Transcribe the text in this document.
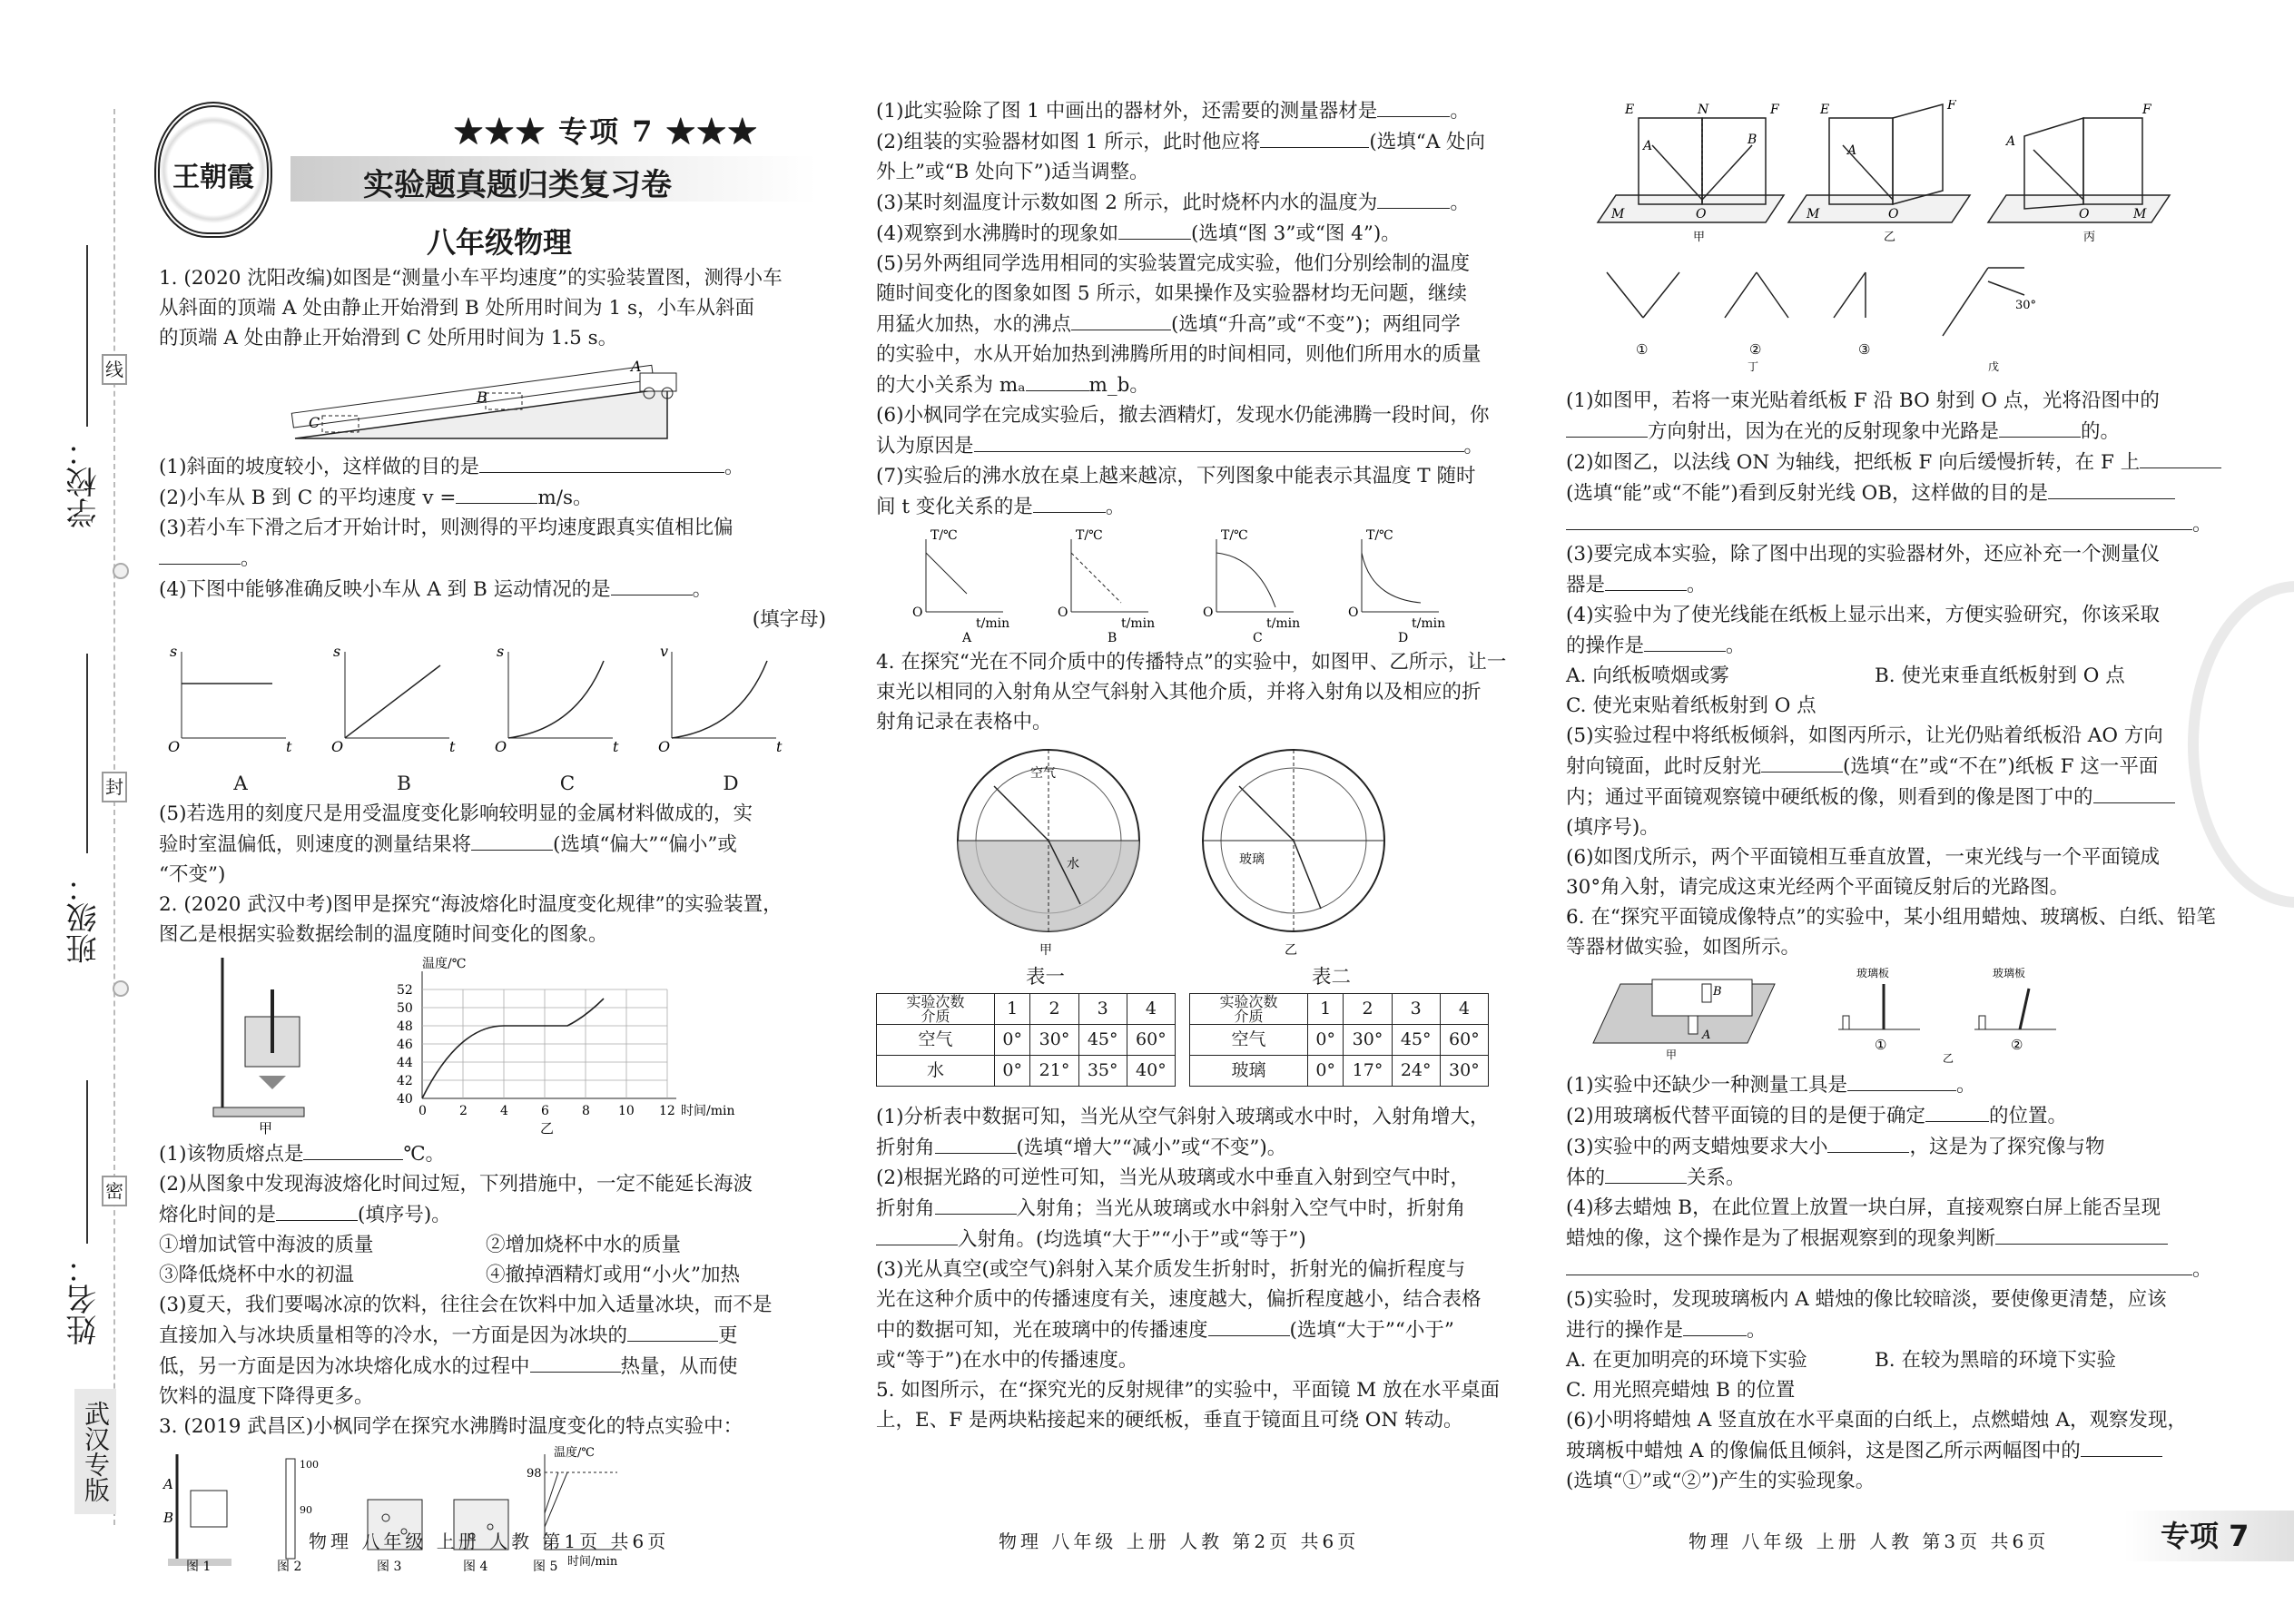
学校：
线
封
班级：
密
姓名：
武汉专版
王朝霞
★★★ 专项 7 ★★★
实验题真题归类复习卷
八年级物理

1. (2020 沈阳改编)如图是“测量小车平均速度”的实验装置图，测得小车

从斜面的顶端 A 处由静止开始滑到 B 处所用时间为 1 s，小车从斜面

的顶端 A 处由静止开始滑到 C 处所用时间为 1.5 s。

B
C
A

(1)斜面的坡度较小，这样做的目的是	。

(2)小车从 B 到 C 的平均速度 v =	m/s。

(3)若小车下滑之后才开始计时，则测得的平均速度跟真实值相比偏

。

(4)下图中能够准确反映小车从 A 到 B 运动情况的是	。

(填字母)

s
t
O
s
t
O
s
t
O
v
t
O

A	B	C	D

(5)若选用的刻度尺是用受温度变化影响较明显的金属材料做成的，实

验时室温偏低，则速度的测量结果将	(选填“偏大”“偏小”或

“不变”)

2. (2020 武汉中考)图甲是探究“海波熔化时温度变化规律”的实验装置，

图乙是根据实验数据绘制的温度随时间变化的图象。

甲
40
42
44
46
48
50
52
0	2	4	6	8 10 12
温度/℃
时间/min
乙

(1)该物质熔点是	℃。

(2)从图象中发现海波熔化时间过短，下列措施中，一定不能延长海波

熔化时间的是	(填序号)。

①增加试管中海波的质量	②增加烧杯中水的质量

③降低烧杯中水的初温	④撤掉酒精灯或用“小火”加热

(3)夏天，我们要喝冰凉的饮料，往往会在饮料中加入适量冰块，而不是

直接加入与冰块质量相等的冷水，一方面是因为冰块的	更

低，另一方面是因为冰块熔化成水的过程中	热量，从而使

饮料的温度下降得更多。

3. (2019 武昌区)小枫同学在探究水沸腾时温度变化的特点实验中：

A
B
100
90
98
温度/℃
时间/min
图 1	图 2	图 3	图 4	图 5

(1)此实验除了图 1 中画出的器材外，还需要的测量器材是	。

(2)组装的实验器材如图 1 所示，此时他应将	(选填“A 处向

外上”或“B 处向下”)适当调整。

(3)某时刻温度计示数如图 2 所示，此时烧杯内水的温度为	。

(4)观察到水沸腾时的现象如	(选填“图 3”或“图 4”)。

(5)另外两组同学选用相同的实验装置完成实验，他们分别绘制的温度

随时间变化的图象如图 5 所示，如果操作及实验器材均无问题，继续

用猛火加热，水的沸点	(选填“升高”或“不变”)；两组同学

的实验中，水从开始加热到沸腾所用的时间相同，则他们所用水的质量

的大小关系为 mₐ	m_b。

(6)小枫同学在完成实验后，撤去酒精灯，发现水仍能沸腾一段时间，你

认为原因是	。

(7)实验后的沸水放在桌上越来越凉，下列图象中能表示其温度 T 随时

间 t 变化关系的是	。

O	O	O	O
T/℃	T/℃	T/℃	T/℃
t/min	t/min	t/min	t/min
A	B	C	D

4. 在探究“光在不同介质中的传播特点”的实验中，如图甲、乙所示，让一

束光以相同的入射角从空气斜射入其他介质，并将入射角以及相应的折

射角记录在表格中。

空气
水	玻璃
甲	乙

表一	表二

实验次数
介质	1	2	3	4
空气	0°	30°	45°	60°
水	0°	21°	35°	40°
实验次数
介质	1	2	3	4
空气	0°	30°	45°	60°
玻璃	0°	17°	24°	30°

(1)分析表中数据可知，当光从空气斜射入玻璃或水中时，入射角增大，

折射角	(选填“增大”“减小”或“不变”)。

(2)根据光路的可逆性可知，当光从玻璃或水中垂直入射到空气中时，

折射角	入射角；当光从玻璃或水中斜射入空气中时，折射角

入射角。(均选填“大于”“小于”或“等于”)

(3)光从真空(或空气)斜射入某介质发生折射时，折射光的偏折程度与

光在这种介质中的传播速度有关，速度越大，偏折程度越小，结合表格

中的数据可知，光在玻璃中的传播速度	(选填“大于”“小于”

或“等于”)在水中的传播速度。

5. 如图所示，在“探究光的反射规律”的实验中，平面镜 M 放在水平桌面

上，E、F 是两块粘接起来的硬纸板，垂直于镜面且可绕 ON 转动。

E	N	F
A	B
O
M
E	F
A
O
M
A
F
O	M
甲	乙	丙
①	②	③
丁	戊
30°

(1)如图甲，若将一束光贴着纸板 F 沿 BO 射到 O 点，光将沿图中的

方向射出，因为在光的反射现象中光路是	的。

(2)如图乙，以法线 ON 为轴线，把纸板 F 向后缓慢折转，在 F 上

(选填“能”或“不能”)看到反射光线 OB，这样做的目的是

。

(3)要完成本实验，除了图中出现的实验器材外，还应补充一个测量仪

器是	。

(4)实验中为了使光线能在纸板上显示出来，方便实验研究，你该采取

的操作是	。

A. 向纸板喷烟或雾	B. 使光束垂直纸板射到 O 点

C. 使光束贴着纸板射到 O 点

(5)实验过程中将纸板倾斜，如图丙所示，让光仍贴着纸板沿 AO 方向

射向镜面，此时反射光	(选填“在”或“不在”)纸板 F 这一平面

内；通过平面镜观察镜中硬纸板的像，则看到的像是图丁中的

(填序号)。

(6)如图戊所示，两个平面镜相互垂直放置，一束光线与一个平面镜成

30°角入射，请完成这束光经两个平面镜反射后的光路图。

6. 在“探究平面镜成像特点”的实验中，某小组用蜡烛、玻璃板、白纸、铅笔

等器材做实验，如图所示。

A
B
玻璃板	玻璃板
①	②
甲	乙

(1)实验中还缺少一种测量工具是	。

(2)用玻璃板代替平面镜的目的是便于确定	的位置。

(3)实验中的两支蜡烛要求大小	，这是为了探究像与物

体的	关系。

(4)移去蜡烛 B，在此位置上放置一块白屏，直接观察白屏上能否呈现

蜡烛的像，这个操作是为了根据观察到的现象判断

。

(5)实验时，发现玻璃板内 A 蜡烛的像比较暗淡，要使像更清楚，应该

进行的操作是	。

A. 在更加明亮的环境下实验	B. 在较为黑暗的环境下实验

C. 用光照亮蜡烛 B 的位置

(6)小明将蜡烛 A 竖直放在水平桌面的白纸上，点燃蜡烛 A，观察发现，

玻璃板中蜡烛 A 的像偏低且倾斜，这是图乙所示两幅图中的

(选填“①”或“②”)产生的实验现象。

物理 八年级 上册 人教 第1页 共6页	物理 八年级 上册 人教 第2页 共6页	物理 八年级 上册 人教 第3页 共6页	专项 7
